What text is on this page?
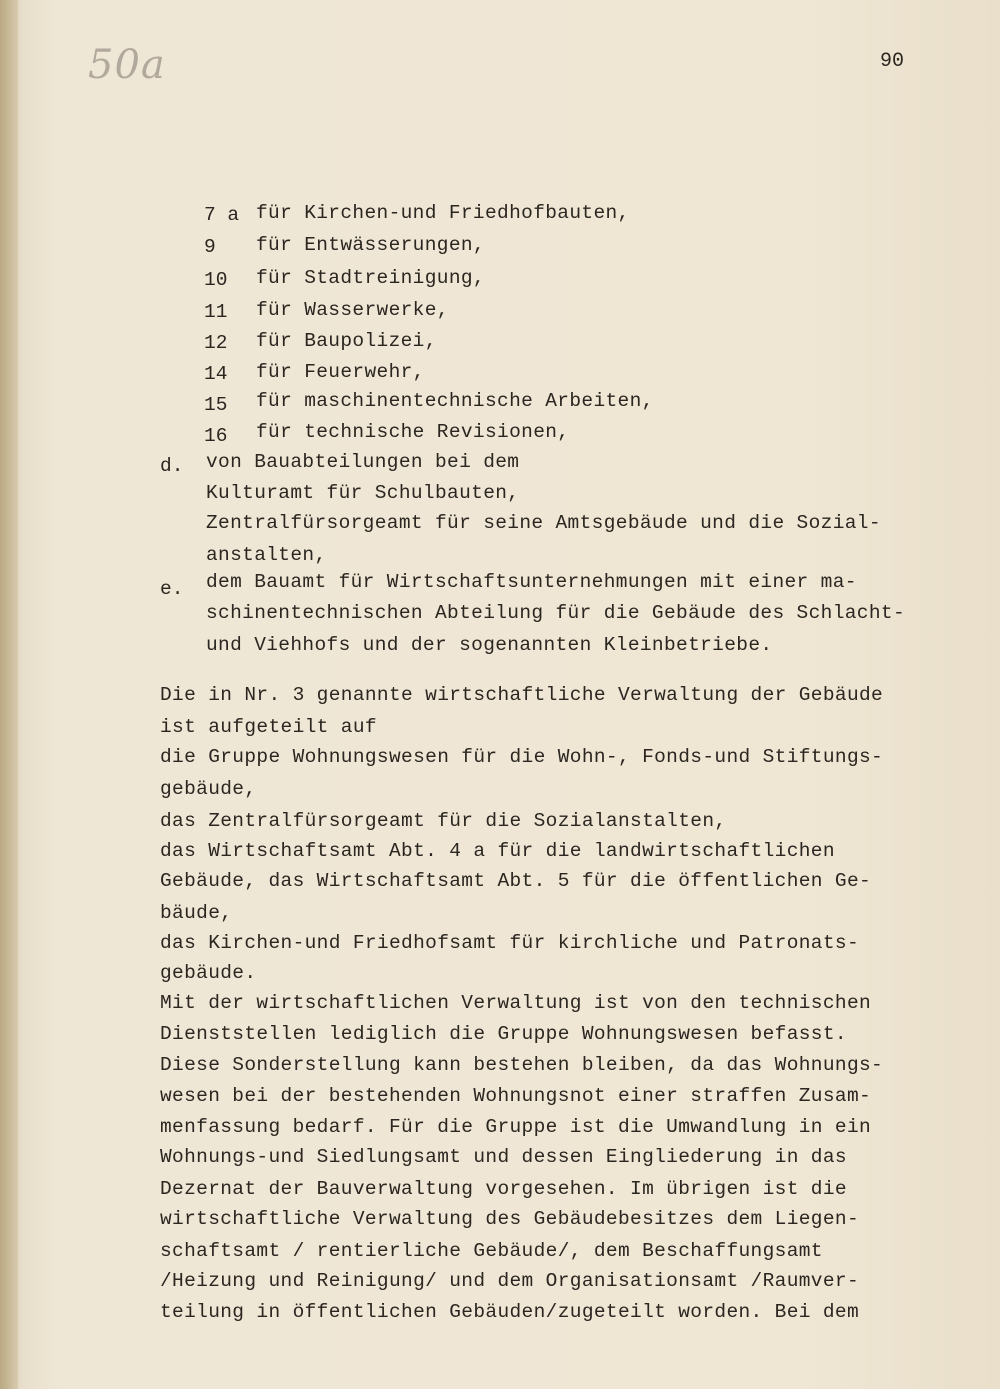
50a	90
7 a für Kirchen-und Friedhofbauten,
9 für Entwässerungen,
10 für Stadtreinigung,
11 für Wasserwerke,
12 für Baupolizei,
14 für Feuerwehr,
15 für maschinentechnische Arbeiten,
16 für technische Revisionen,
d. von Bauabteilungen bei dem
Kulturamt für Schulbauten,
Zentralfürsorgeamt für seine Amtsgebäude und die Sozial-
anstalten,
e. dem Bauamt für Wirtschaftsunternehmungen mit einer ma-
schinentechnischen Abteilung für die Gebäude des Schlacht-
und Viehhofs und der sogenannten Kleinbetriebe.
Die in Nr. 3 genannte wirtschaftliche Verwaltung der Gebäude
ist aufgeteilt auf
die Gruppe Wohnungswesen für die Wohn-, Fonds-und Stiftungs-
gebäude,
das Zentralfürsorgeamt für die Sozialanstalten,
das Wirtschaftsamt Abt. 4 a für die landwirtschaftlichen
Gebäude, das Wirtschaftsamt Abt. 5 für die öffentlichen Ge-
bäude,
das Kirchen-und Friedhofsamt für kirchliche und Patronats-
gebäude.
Mit der wirtschaftlichen Verwaltung ist von den technischen
Dienststellen lediglich die Gruppe Wohnungswesen befasst.
Diese Sonderstellung kann bestehen bleiben, da das Wohnungs-
wesen bei der bestehenden Wohnungsnot einer straffen Zusam-
menfassung bedarf. Für die Gruppe ist die Umwandlung in ein
Wohnungs-und Siedlungsamt und dessen Eingliederung in das
Dezernat der Bauverwaltung vorgesehen. Im übrigen ist die
wirtschaftliche Verwaltung des Gebäudebesitzes dem Liegen-
schaftsamt / rentierliche Gebäude/, dem Beschaffungsamt
/Heizung und Reinigung/ und dem Organisationsamt /Raumver-
teilung in öffentlichen Gebäuden/zugeteilt worden. Bei dem
